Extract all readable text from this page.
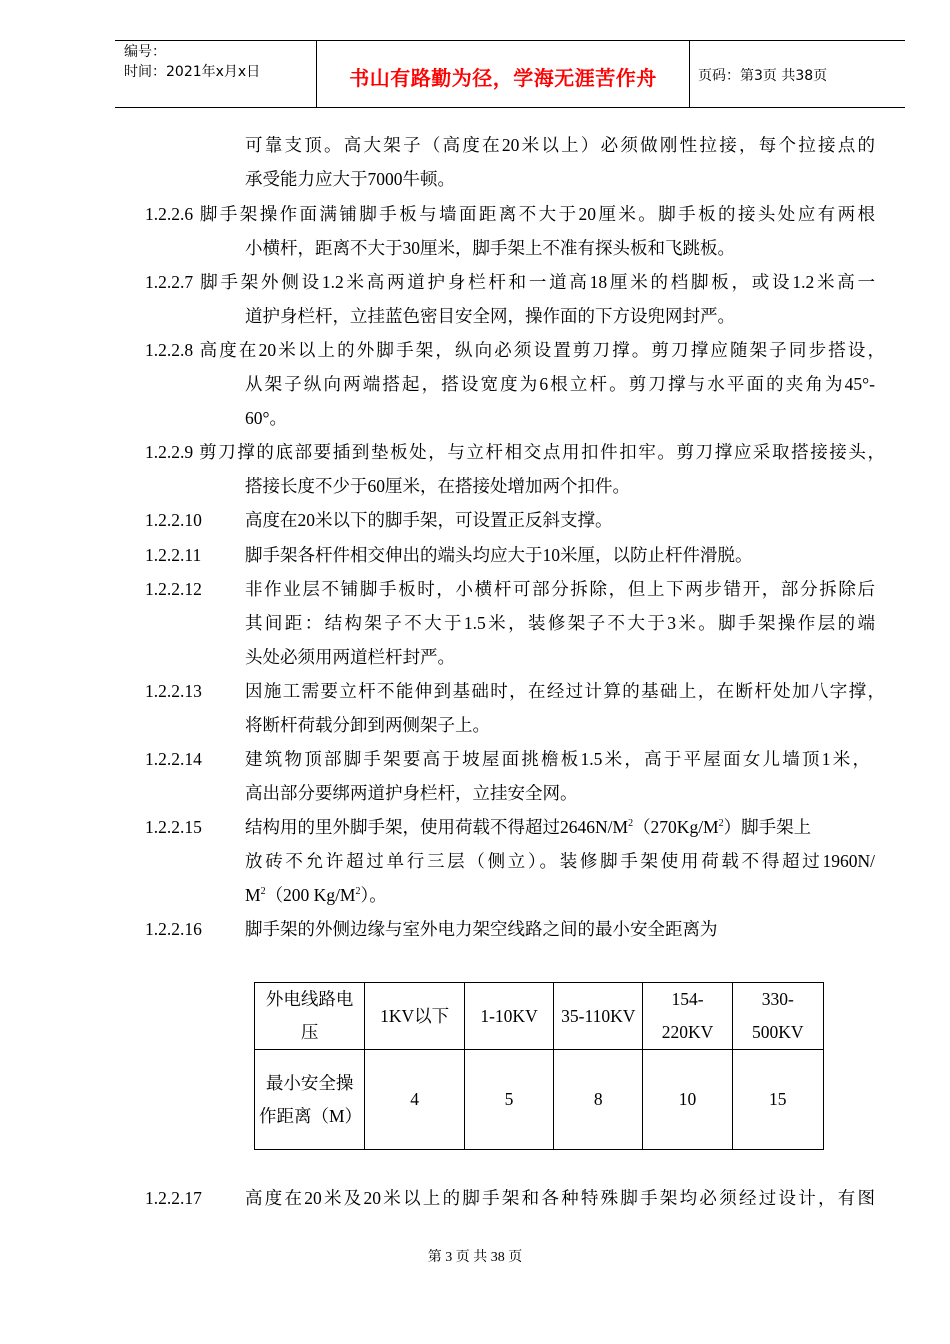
编号：
时间：2021年x月x日	书山有路勤为径，学海无涯苦作舟	页码：第3页 共38页
可靠支顶。高大架子（高度在20米以上）必须做刚性拉接，每个拉接点的
承受能力应大于7000牛顿。
1.2.2.6 脚手架操作面满铺脚手板与墙面距离不大于20厘米。脚手板的接头处应有两根
小横杆，距离不大于30厘米，脚手架上不准有探头板和飞跳板。
1.2.2.7 脚手架外侧设1.2米高两道护身栏杆和一道高18厘米的档脚板，或设1.2米高一
道护身栏杆，立挂蓝色密目安全网，操作面的下方设兜网封严。
1.2.2.8 高度在20米以上的外脚手架，纵向必须设置剪刀撑。剪刀撑应随架子同步搭设，
从架子纵向两端搭起，搭设宽度为6根立杆。剪刀撑与水平面的夹角为45°-
60°。
1.2.2.9 剪刀撑的底部要插到垫板处，与立杆相交点用扣件扣牢。剪刀撑应采取搭接接头，
搭接长度不少于60厘米，在搭接处增加两个扣件。
1.2.2.10 高度在20米以下的脚手架，可设置正反斜支撑。
1.2.2.11	脚手架各杆件相交伸出的端头均应大于10米厘，以防止杆件滑脱。
1.2.2.12 非作业层不铺脚手板时，小横杆可部分拆除，但上下两步错开，部分拆除后
其间距：结构架子不大于1.5米，装修架子不大于3米。脚手架操作层的端
头处必须用两道栏杆封严。
1.2.2.13 因施工需要立杆不能伸到基础时，在经过计算的基础上，在断杆处加八字撑，
将断杆荷载分卸到两侧架子上。
1.2.2.14 建筑物顶部脚手架要高于坡屋面挑檐板1.5米，高于平屋面女儿墙顶1米，
高出部分要绑两道护身栏杆，立挂安全网。
1.2.2.15 结构用的里外脚手架，使用荷载不得超过$2646N/M^2(270Kg/M^2)$脚手架上
放砖不允许超过单行三层（侧立）。装修脚手架使用荷载不得超过1960N/
$M^2(200$ $Kg/M^2$）。
1.2.2.16 脚手架的外侧边缘与室外电力架空线路之间的最小安全距离为
外电线路电压	1KV以下	1-10KV	35-110KV	154-220KV	330-500KV
最小安全操作距离（M）	4	5	8	10	15
1.2.2.17 高度在20米及20米以上的脚手架和各种特殊脚手架均必须经过设计，有图
第 3 页 共 38 页
